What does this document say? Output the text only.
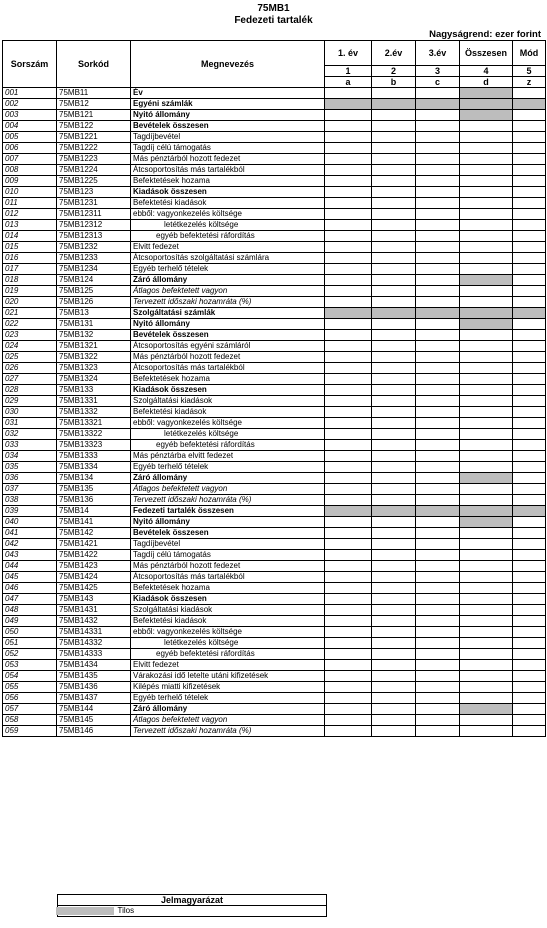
75MB1
Fedezeti tartalék
Nagyságrend: ezer forint
Sorszám	Sorkód	Megnevezés	1. év	2.év	3.év	Összesen	Mód
			1	2	3	4	5
			a	b	c	d	z
001	75MB11	Év					
002	75MB12	Egyéni számlák					
003	75MB121	Nyitó állomány					
004	75MB122	Bevételek összesen					
005	75MB1221	Tagdíjbevétel					
006	75MB1222	Tagdíj célú támogatás					
007	75MB1223	Más pénztárból hozott fedezet					
008	75MB1224	Átcsoportosítás más tartalékból					
009	75MB1225	Befektetések hozama					
010	75MB123	Kiadások összesen					
011	75MB1231	Befektetési kiadások					
012	75MB12311	ebből: vagyonkezelés költsége					
013	75MB12312	letétkezelés költsége					
014	75MB12313	egyéb befektetési ráfordítás					
015	75MB1232	Elvitt fedezet					
016	75MB1233	Átcsoportosítás szolgáltatási számlára					
017	75MB1234	Egyéb terhelő tételek					
018	75MB124	Záró állomány					
019	75MB125	Átlagos befektetett vagyon					
020	75MB126	Tervezett időszaki hozamráta (%)					
021	75MB13	Szolgáltatási számlák					
022	75MB131	Nyitó állomány					
023	75MB132	Bevételek összesen					
024	75MB1321	Átcsoportosítás egyéni számláról					
025	75MB1322	Más pénztárból hozott fedezet					
026	75MB1323	Átcsoportosítás más tartalékból					
027	75MB1324	Befektetések hozama					
028	75MB133	Kiadások összesen					
029	75MB1331	Szolgáltatási kiadások					
030	75MB1332	Befektetési kiadások					
031	75MB13321	ebből: vagyonkezelés költsége					
032	75MB13322	letétkezelés költsége					
033	75MB13323	egyéb befektetési ráfordítás					
034	75MB1333	Más pénztárba elvitt fedezet					
035	75MB1334	Egyéb terhelő tételek					
036	75MB134	Záró állomány					
037	75MB135	Átlagos befektetett vagyon					
038	75MB136	Tervezett időszaki hozamráta (%)					
039	75MB14	Fedezeti tartalék összesen					
040	75MB141	Nyitó állomány					
041	75MB142	Bevételek összesen					
042	75MB1421	Tagdíjbevétel					
043	75MB1422	Tagdíj célú támogatás					
044	75MB1423	Más pénztárból hozott fedezet					
045	75MB1424	Átcsoportosítás más tartalékból					
046	75MB1425	Befektetések hozama					
047	75MB143	Kiadások összesen					
048	75MB1431	Szolgáltatási kiadások					
049	75MB1432	Befektetési kiadások					
050	75MB14331	ebből: vagyonkezelés költsége					
051	75MB14332	letétkezelés költsége					
052	75MB14333	egyéb befektetési ráfordítás					
053	75MB1434	Elvitt fedezet					
054	75MB1435	Várakozási idő letelte utáni kifizetések					
055	75MB1436	Kilépés miatti kifizetések					
056	75MB1437	Egyéb terhelő tételek					
057	75MB144	Záró állomány					
058	75MB145	Átlagos befektetett vagyon					
059	75MB146	Tervezett időszaki hozamráta (%)					
Jelmagyarázat
	Tilos
